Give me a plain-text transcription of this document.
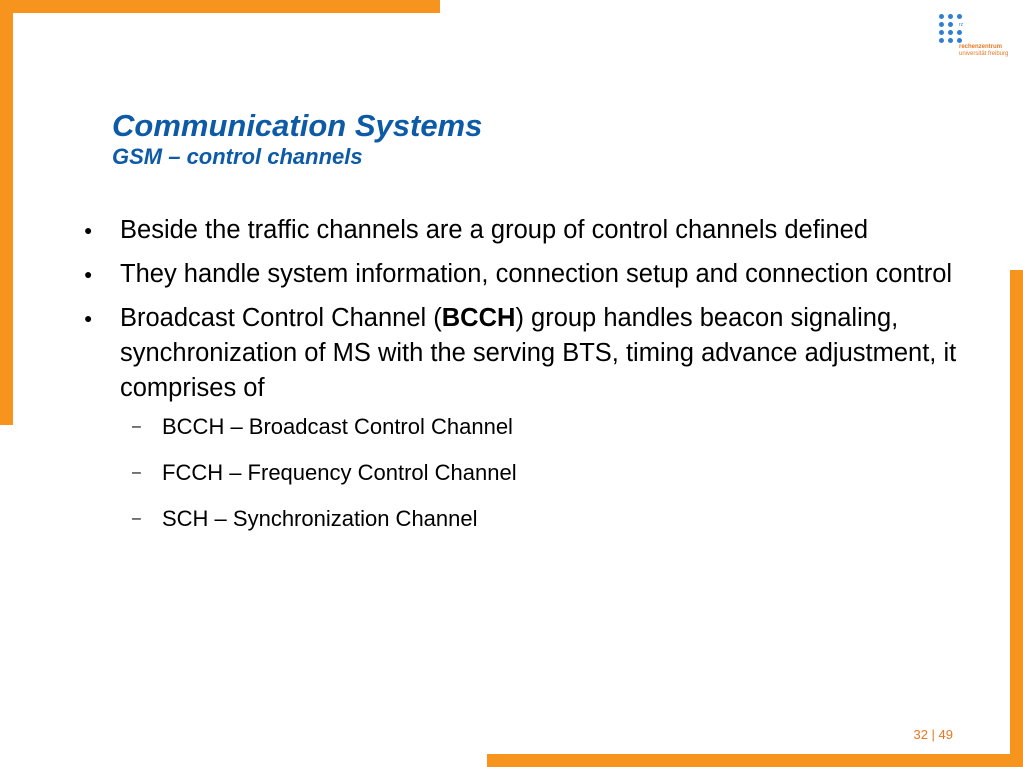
rz
rechenzentrum
universität freiburg
Communication Systems
GSM – control channels
● Beside the traffic channels are a group of control channels defined
● They handle system information, connection setup and connection control
● Broadcast Control Channel (BCCH) group handles beacon signaling, synchronization of MS with the serving BTS, timing advance adjustment, it comprises of
– BCCH – Broadcast Control Channel
– FCCH – Frequency Control Channel
– SCH – Synchronization Channel
32 | 49
